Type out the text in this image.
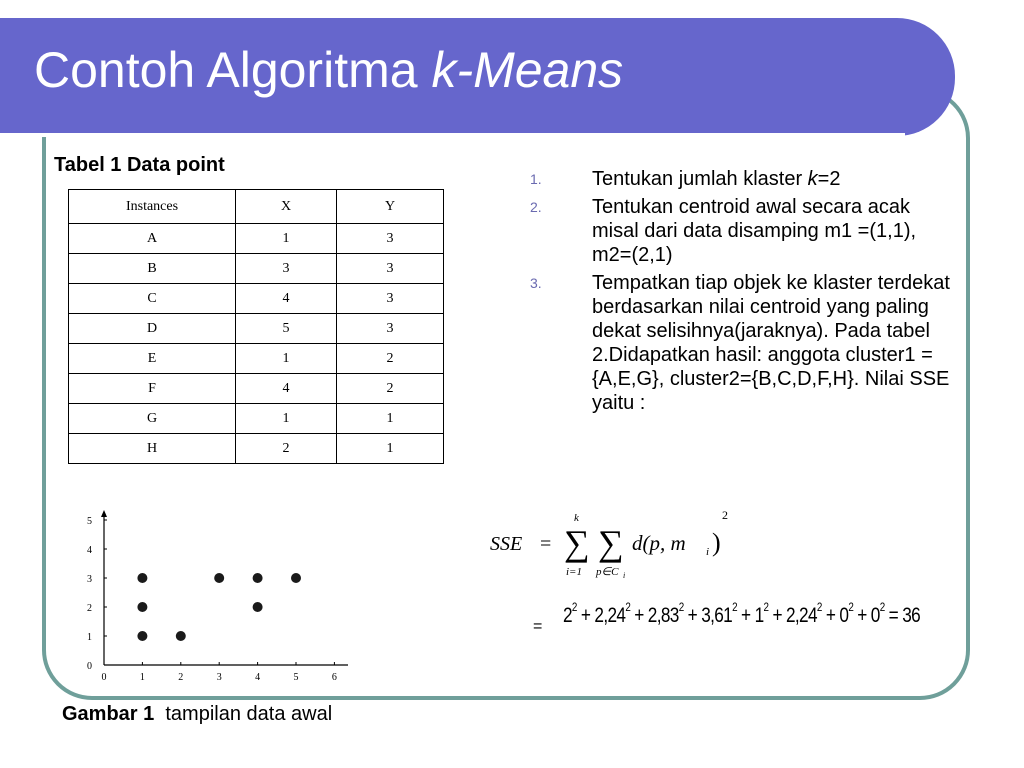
Contoh Algoritma k-Means

Tabel 1 Data point

Instances	X	Y
A	1	3
B	3	3
C	4	3
D	5	3
E	1	2
F	4	2
G	1	1
H	2	1
1.	Tentukan jumlah klaster k=2
2.	Tentukan centroid awal secara acak misal dari data disamping m1 =(1,1), m2=(2,1)
3.	Tempatkan tiap objek ke klaster terdekat berdasarkan nilai centroid yang paling dekat selisihnya(jaraknya). Pada tabel 2.Didapatkan hasil: anggota cluster1 = {A,E,G}, cluster2={B,C,D,F,H}. Nilai SSE yaitu :
0	1	2	3	4	5	6
0
1
2
3
4
5
SSE = ∑
k
i=1
∑
p∈C i
d(p, m i )
2
= $2^2 + 2,24^2 + 2,83^2 + 3,61^2 + 1^2 + 2,24^2 + 0^2 + 0^2 = 36$

Gambar 1  tampilan data awal
